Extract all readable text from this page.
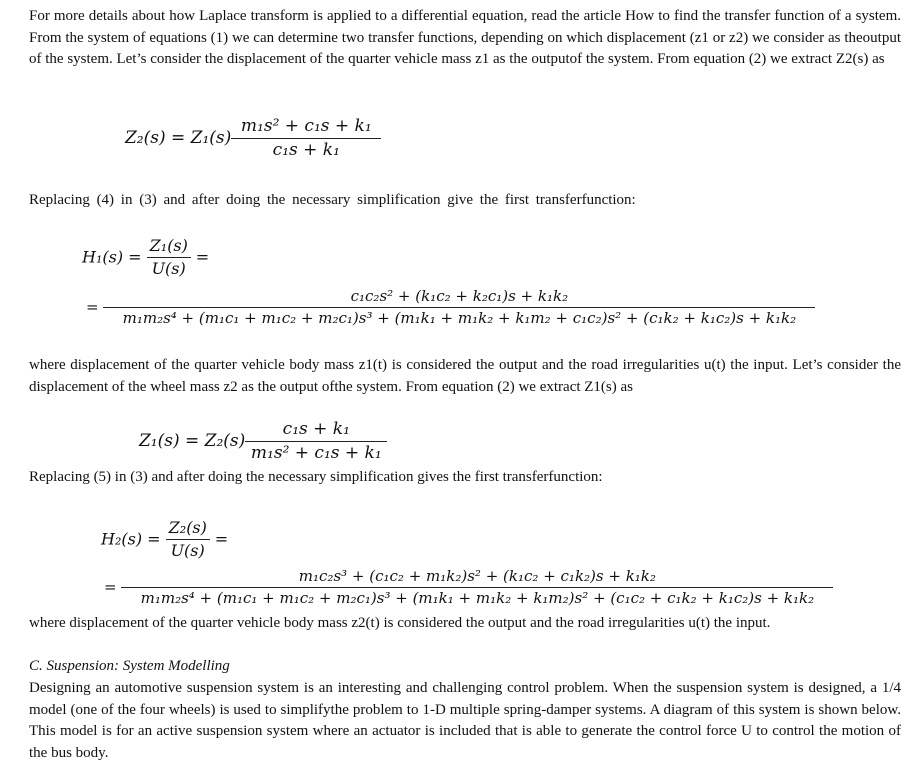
For more details about how Laplace transform is applied to a differential equation, read the article How to find the transfer function of a system. From the system of equations (1) we can determine two transfer functions, depending on which displacement (z1 or z2) we consider as theoutput of the system. Let’s consider the displacement of the quarter vehicle mass z1 as the outputof the system. From equation (2) we extract Z2(s) as

$Z_2(s) = Z_1(s) \frac{\text{m₁s² + c₁s + k₁}}{\text{c₁s + k₁}}$

Replacing (4) in (3) and after doing the necessary simplification give the first transferfunction:

$H_1(s) = \frac{\text{Z₁(s)}}{U(s)}$ =
=
c₁c₂s² + (k₁c₂ + k₂c₁)s + k₁k₂
m₁m₂s⁴ + (m₁c₁ + m₁c₂ + m₂c₁)s³ + (m₁k₁ + m₁k₂ + k₁m₂ + c₁c₂)s² + (c₁k₂ + k₁c₂)s + k₁k₂

where displacement of the quarter vehicle body mass z1(t) is considered the output and the road irregularities u(t) the input. Let’s consider the displacement of the wheel mass z2 as the output ofthe system. From equation (2) we extract Z1(s) as

$Z_1(s) = Z_2(s) \frac{\text{c₁s + k₁}}{\text{m₁s² + c₁s + k₁}}$

Replacing (5) in (3) and after doing the necessary simplification gives the first transferfunction:

$H_2(s) = \frac{\text{Z₂(s)}}{U(s)}$ =
=
m₁c₂s³ + (c₁c₂ + m₁k₂)s² + (k₁c₂ + c₁k₂)s + k₁k₂
m₁m₂s⁴ + (m₁c₁ + m₁c₂ + m₂c₁)s³ + (m₁k₁ + m₁k₂ + k₁m₂)s² + (c₁c₂ + c₁k₂ + k₁c₂)s + k₁k₂

where displacement of the quarter vehicle body mass z2(t) is considered the output and the road irregularities u(t) the input.

C. Suspension: System Modelling

Designing an automotive suspension system is an interesting and challenging control problem. When the suspension system is designed, a 1/4 model (one of the four wheels) is used to simplifythe problem to 1-D multiple spring-damper systems. A diagram of this system is shown below. This model is for an active suspension system where an actuator is included that is able to generate the control force U to control the motion of the bus body.
